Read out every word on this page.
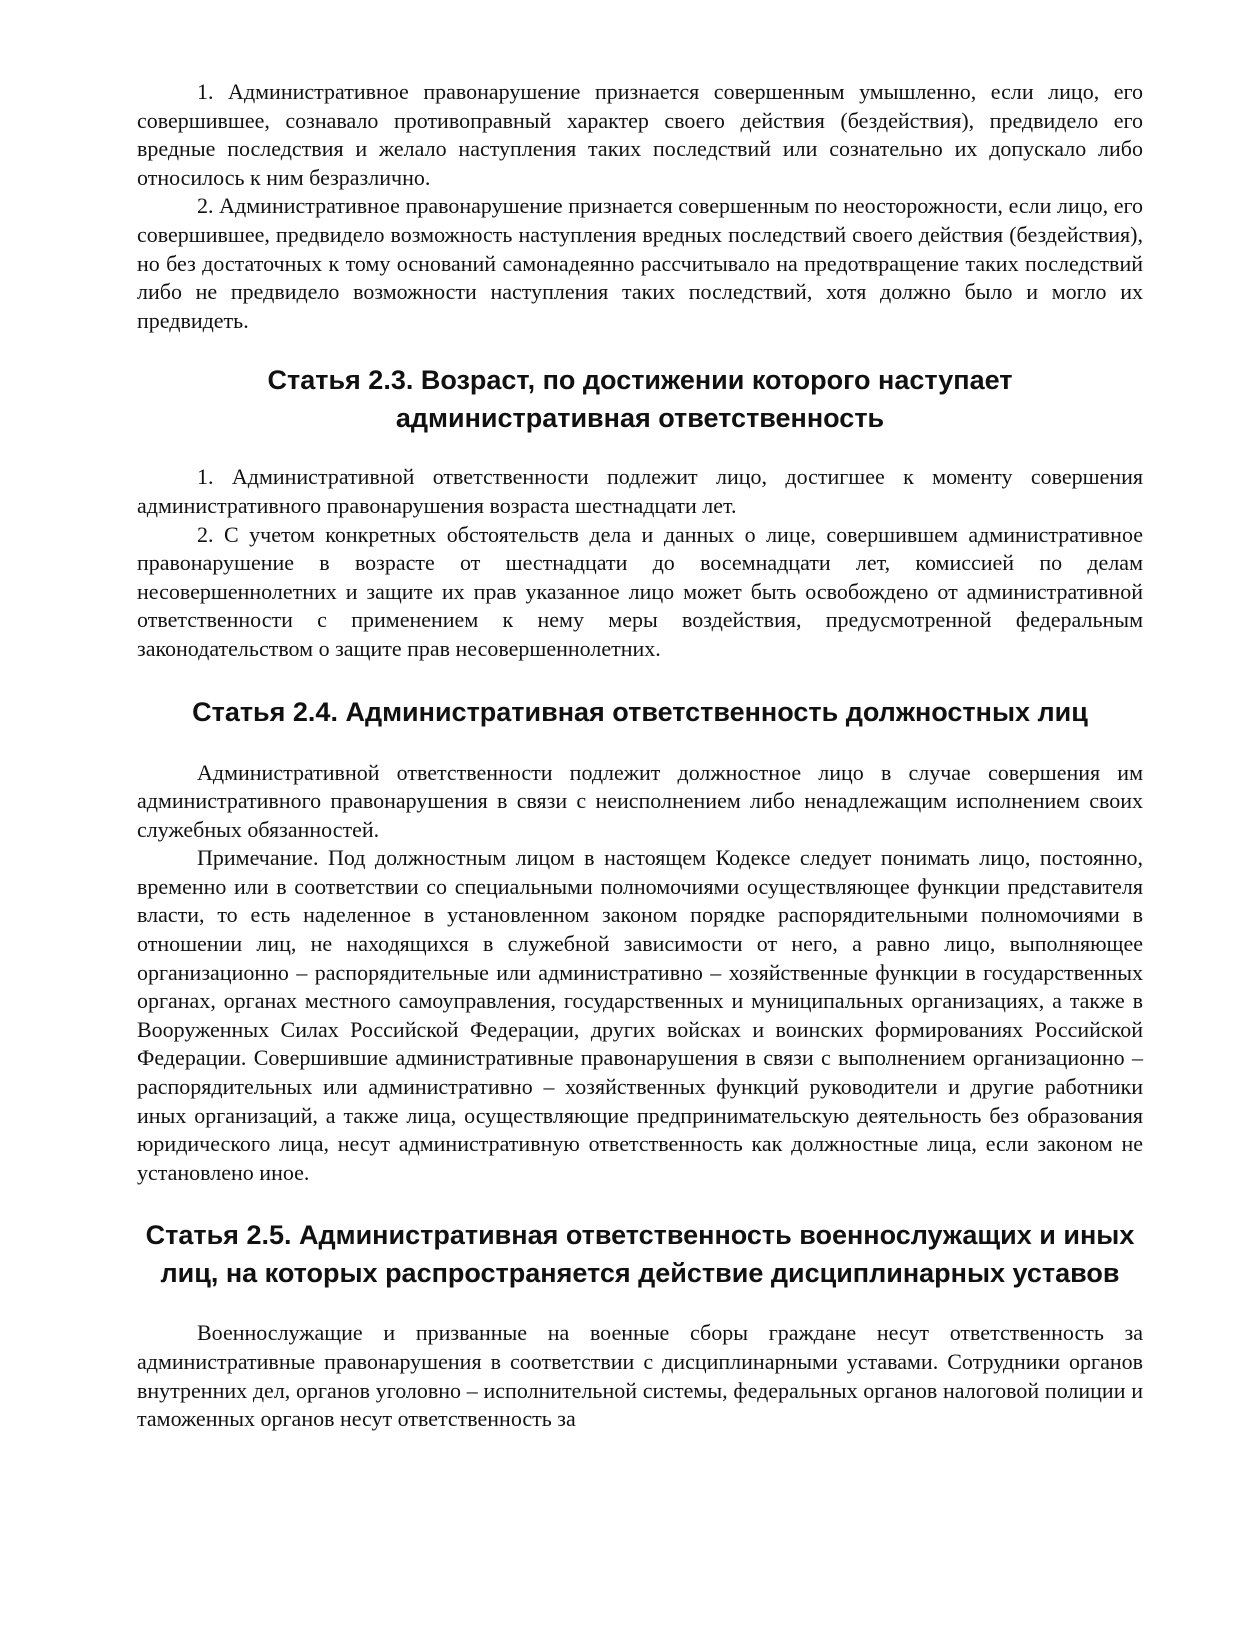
1. Административное правонарушение признается совершенным умышленно, если лицо, его совершившее, сознавало противоправный характер своего действия (бездействия), предвидело его вредные последствия и желало наступления таких последствий или сознательно их допускало либо относилось к ним безразлично.

2. Административное правонарушение признается совершенным по неосторожности, если лицо, его совершившее, предвидело возможность наступления вредных последствий своего действия (бездействия), но без достаточных к тому оснований самонадеянно рассчитывало на предотвращение таких последствий либо не предвидело возможности наступления таких последствий, хотя должно было и могло их предвидеть.

Статья 2.3. Возраст, по достижении которого наступает административная ответственность

1. Административной ответственности подлежит лицо, достигшее к моменту совершения административного правонарушения возраста шестнадцати лет.

2. С учетом конкретных обстоятельств дела и данных о лице, совершившем административное правонарушение в возрасте от шестнадцати до восемнадцати лет, комиссией по делам несовершеннолетних и защите их прав указанное лицо может быть освобождено от административной ответственности с применением к нему меры воздействия, предусмотренной федеральным законодательством о защите прав несовершеннолетних.

Статья 2.4. Административная ответственность должностных лиц

Административной ответственности подлежит должностное лицо в случае совершения им административного правонарушения в связи с неисполнением либо ненадлежащим исполнением своих служебных обязанностей.

Примечание. Под должностным лицом в настоящем Кодексе следует понимать лицо, постоянно, временно или в соответствии со специальными полномочиями осуществляющее функции представителя власти, то есть наделенное в установленном законом порядке распорядительными полномочиями в отношении лиц, не находящихся в служебной зависимости от него, а равно лицо, выполняющее организационно – распорядительные или административно – хозяйственные функции в государственных органах, органах местного самоуправления, государственных и муниципальных организациях, а также в Вооруженных Силах Российской Федерации, других войсках и воинских формированиях Российской Федерации. Совершившие административные правонарушения в связи с выполнением организационно – распорядительных или административно – хозяйственных функций руководители и другие работники иных организаций, а также лица, осуществляющие предпринимательскую деятельность без образования юридического лица, несут административную ответственность как должностные лица, если законом не установлено иное.

Статья 2.5. Административная ответственность военнослужащих и иных лиц, на которых распространяется действие дисциплинарных уставов

Военнослужащие и призванные на военные сборы граждане несут ответственность за административные правонарушения в соответствии с дисциплинарными уставами. Сотрудники органов внутренних дел, органов уголовно – исполнительной системы, федеральных органов налоговой полиции и таможенных органов несут ответственность за
